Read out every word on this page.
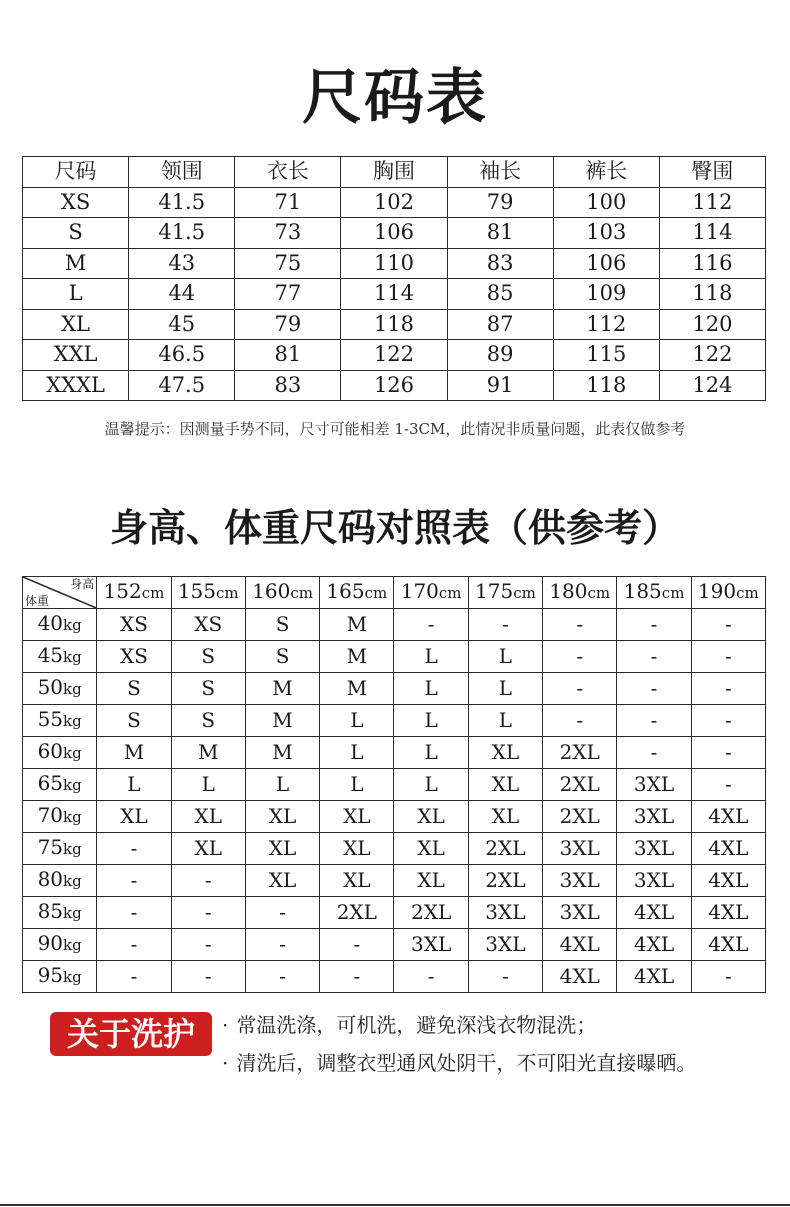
尺码表
尺码	领围	衣长	胸围	袖长	裤长	臀围
XS	41.5	71	102	79	100	112
S	41.5	73	106	81	103	114
M	43	75	110	83	106	116
L	44	77	114	85	109	118
XL	45	79	118	87	112	120
XXL	46.5	81	122	89	115	122
XXXL	47.5	83	126	91	118	124
温馨提示：因测量手势不同，尺寸可能相差 1-3CM，此情况非质量问题，此表仅做参考
身高、体重尺码对照表（供参考）
身高
体重	152cm	155cm	160cm	165cm	170cm	175cm	180cm	185cm	190cm
40kg	XS	XS	S	M	-	-	-	-	-
45kg	XS	S	S	M	L	L	-	-	-
50kg	S	S	M	M	L	L	-	-	-
55kg	S	S	M	L	L	L	-	-	-
60kg	M	M	M	L	L	XL	2XL	-	-
65kg	L	L	L	L	L	XL	2XL	3XL	-
70kg	XL	XL	XL	XL	XL	XL	2XL	3XL	4XL
75kg	-	XL	XL	XL	XL	2XL	3XL	3XL	4XL
80kg	-	-	XL	XL	XL	2XL	3XL	3XL	4XL
85kg	-	-	-	2XL	2XL	3XL	3XL	4XL	4XL
90kg	-	-	-	-	3XL	3XL	4XL	4XL	4XL
95kg	-	-	-	-	-	-	4XL	4XL	-
关于洗护	· 常温洗涤，可机洗，避免深浅衣物混洗；
· 清洗后，调整衣型通风处阴干，不可阳光直接曝晒。
